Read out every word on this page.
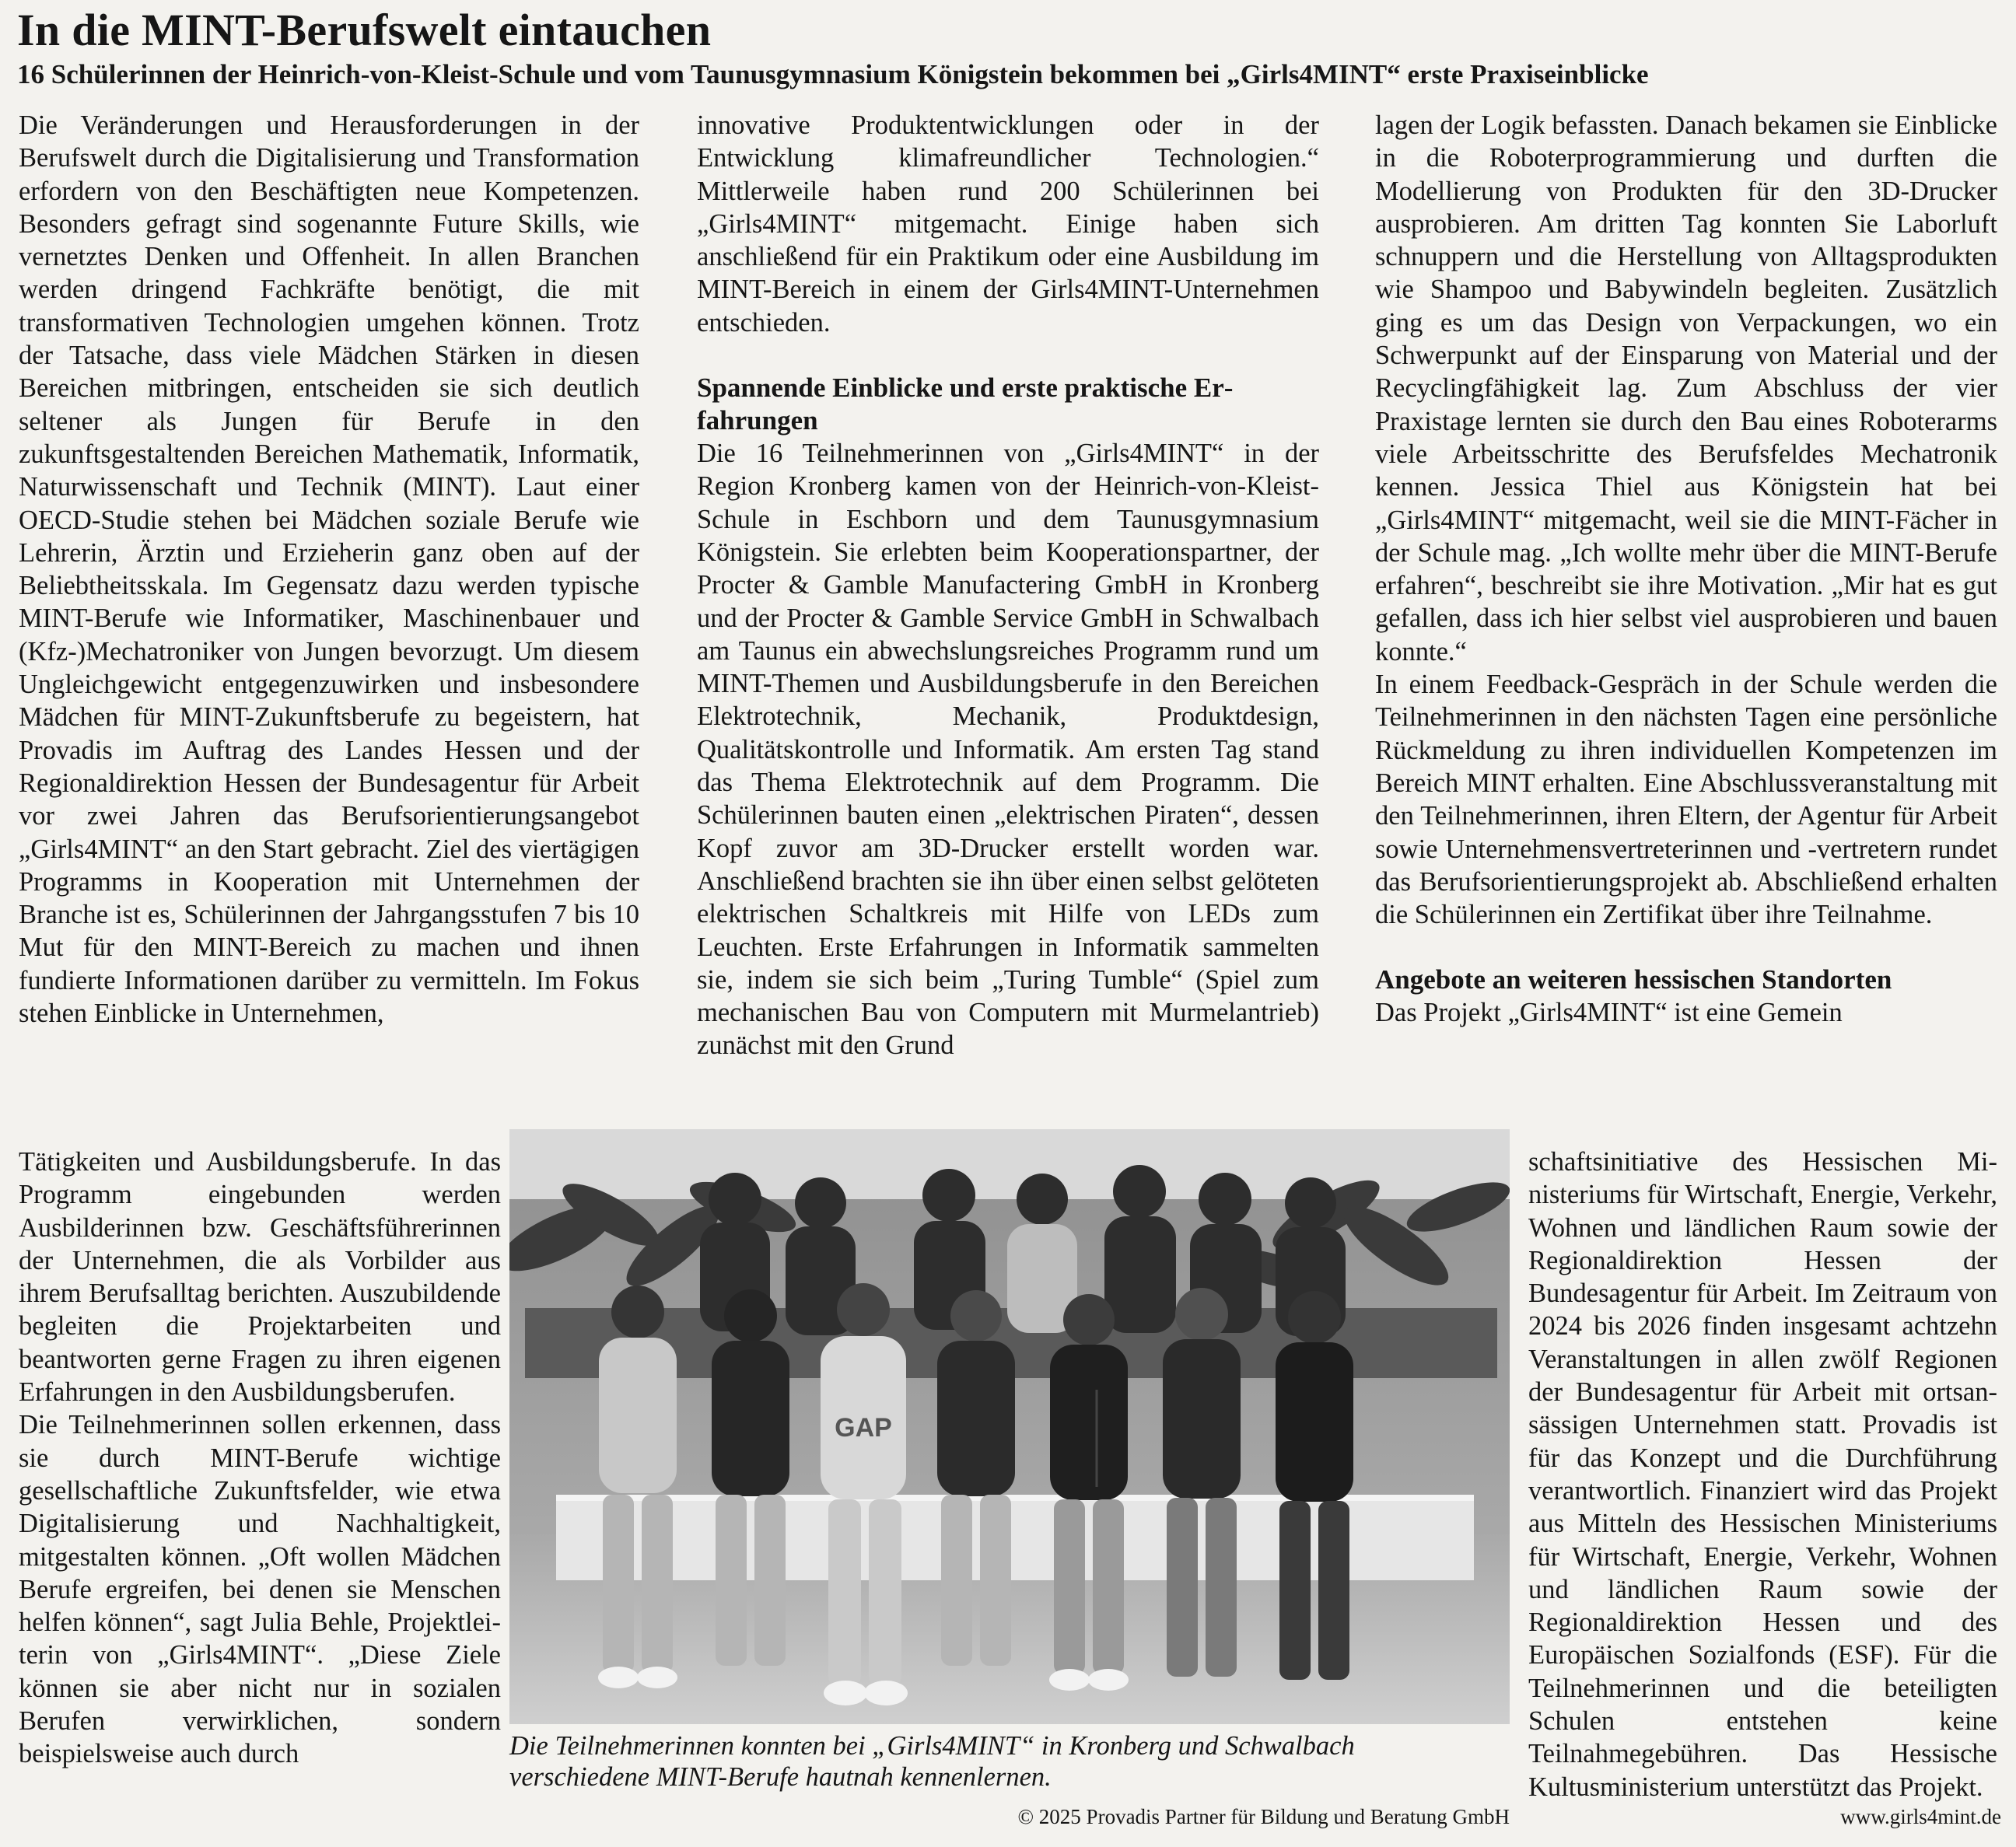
In die MINT-Berufswelt eintauchen
16 Schülerinnen der Heinrich-von-Kleist-Schule und vom Taunusgymnasium Königstein bekommen bei „Girls4MINT“ erste Praxiseinblicke

Die Veränderungen und Herausforderungen in der Berufswelt durch die Digitalisierung und Transformation erfordern von den Beschäftigten neue Kompetenzen. Besonders gefragt sind sogenannte Future Skills, wie vernetztes Denken und Offenheit. In allen Branchen werden dringend Fachkräfte benötigt, die mit transformativen Technologien umgehen können. Trotz der Tatsache, dass viele Mädchen Stärken in diesen Bereichen mitbringen, entscheiden sie sich deutlich seltener als Jungen für Berufe in den zukunftsgestaltenden Bereichen Mathematik, Informatik, Naturwissenschaft und Technik (MINT). Laut einer OECD-Studie stehen bei Mädchen soziale Berufe wie Lehrerin, Ärztin und Erzieherin ganz oben auf der Beliebtheitsskala. Im Gegensatz dazu werden typische MINT-Berufe wie Informatiker, Maschinenbauer und (Kfz-)Mechatroniker von Jungen bevorzugt. Um diesem Ungleichgewicht entgegenzuwirken und insbesondere Mädchen für MINT-Zukunftsberufe zu begeistern, hat Provadis im Auftrag des Landes Hessen und der Regionaldirektion Hessen der Bundesagentur für Arbeit vor zwei Jahren das Berufsorientierungsangebot „Girls4MINT“ an den Start gebracht. Ziel des viertägigen Programms in Kooperation mit Unternehmen der Branche ist es, Schülerinnen der Jahrgangsstufen 7 bis 10 Mut für den MINT-Bereich zu machen und ihnen fundierte Informationen darüber zu vermitteln. Im Fokus stehen Einblicke in Unternehmen,

Tätigkeiten und Ausbildungsberufe. In das Programm eingebunden werden Ausbilderinnen bzw. Geschäftsführerinnen der Unternehmen, die als Vorbilder aus ihrem Berufsalltag berichten. Auszubildende begleiten die Projektarbeiten und beantworten gerne Fragen zu ihren eigenen Erfahrungen in den Ausbildungsberufen.

Die Teilnehmerinnen sollen erkennen, dass sie durch MINT-Berufe wichtige gesellschaftliche Zukunftsfelder, wie etwa Digitalisierung und Nachhaltigkeit, mitgestalten können. „Oft wollen Mädchen Berufe ergreifen, bei denen sie Menschen helfen können“, sagt Julia Behle, Projektleiterin von „Girls4MINT“. „Diese Ziele können sie aber nicht nur in sozialen Berufen verwirklichen, sondern beispielsweise auch durch

innovative Produktentwicklungen oder in der Entwicklung klimafreundlicher Technologien.“ Mittlerweile haben rund 200 Schülerinnen bei „Girls4MINT“ mitgemacht. Einige haben sich anschließend für ein Praktikum oder eine Ausbildung im MINT-Bereich in einem der Girls4MINT-Unternehmen entschieden.

Spannende Einblicke und erste praktische Erfahrungen

Die 16 Teilnehmerinnen von „Girls4MINT“ in der Region Kronberg kamen von der Heinrich-von-Kleist-Schule in Eschborn und dem Taunusgymnasium Königstein. Sie erlebten beim Kooperationspartner, der Procter & Gamble Manufactering GmbH in Kronberg und der Procter & Gamble Service GmbH in Schwalbach am Taunus ein abwechslungsreiches Programm rund um MINT-Themen und Ausbildungsberufe in den Bereichen Elektrotechnik, Mechanik, Produktdesign, Qualitätskontrolle und Informatik. Am ersten Tag stand das Thema Elektrotechnik auf dem Programm. Die Schülerinnen bauten einen „elektrischen Piraten“, dessen Kopf zuvor am 3D-Drucker erstellt worden war. Anschließend brachten sie ihn über einen selbst gelöteten elektrischen Schaltkreis mit Hilfe von LEDs zum Leuchten. Erste Erfahrungen in Informatik sammelten sie, indem sie sich beim „Turing Tumble“ (Spiel zum mechanischen Bau von Computern mit Murmelantrieb) zunächst mit den Grund

lagen der Logik befassten. Danach bekamen sie Einblicke in die Roboterprogrammierung und durften die Modellierung von Produkten für den 3D-Drucker ausprobieren. Am dritten Tag konnten Sie Laborluft schnuppern und die Herstellung von Alltagsprodukten wie Shampoo und Babywindeln begleiten. Zusätzlich ging es um das Design von Verpackungen, wo ein Schwerpunkt auf der Einsparung von Material und der Recyclingfähigkeit lag. Zum Abschluss der vier Praxistage lernten sie durch den Bau eines Roboterarms viele Arbeitsschritte des Berufsfeldes Mechatronik kennen. Jessica Thiel aus Königstein hat bei „Girls4MINT“ mitgemacht, weil sie die MINT-Fächer in der Schule mag. „Ich wollte mehr über die MINT-Berufe erfahren“, beschreibt sie ihre Motivation. „Mir hat es gut gefallen, dass ich hier selbst viel ausprobieren und bauen konnte.“

In einem Feedback-Gespräch in der Schule werden die Teilnehmerinnen in den nächsten Tagen eine persönliche Rückmeldung zu ihren individuellen Kompetenzen im Bereich MINT erhalten. Eine Abschlussveranstaltung mit den Teilnehmerinnen, ihren Eltern, der Agentur für Arbeit sowie Unternehmensvertreterinnen und -vertretern rundet das Berufsorientierungsprojekt ab. Abschließend erhalten die Schülerinnen ein Zertifikat über ihre Teilnahme.

Angebote an weiteren hessischen Standorten

Das Projekt „Girls4MINT“ ist eine Gemein

schaftsinitiative des Hessischen Ministeriums für Wirtschaft, Energie, Verkehr, Wohnen und ländlichen Raum sowie der Regionaldirektion Hessen der Bundesagentur für Arbeit. Im Zeitraum von 2024 bis 2026 finden insgesamt achtzehn Veranstaltungen in allen zwölf Regionen der Bundesagentur für Arbeit mit ortsansässigen Unternehmen statt. Provadis ist für das Konzept und die Durchführung verantwortlich. Finanziert wird das Projekt aus Mitteln des Hessischen Ministeriums für Wirtschaft, Energie, Verkehr, Wohnen und ländlichen Raum sowie der Regionaldirektion Hessen und des Europäischen Sozialfonds (ESF). Für die Teilnehmerinnen und die beteiligten Schulen entstehen keine Teilnahmegebühren. Das Hessische Kultusministerium unterstützt das Projekt.

GAP

Die Teilnehmerinnen konnten bei „Girls4MINT“ in Kronberg und Schwalbach

verschiedene MINT-Berufe hautnah kennenlernen.

© 2025 Provadis Partner für Bildung und Beratung GmbH	www.girls4mint.de
